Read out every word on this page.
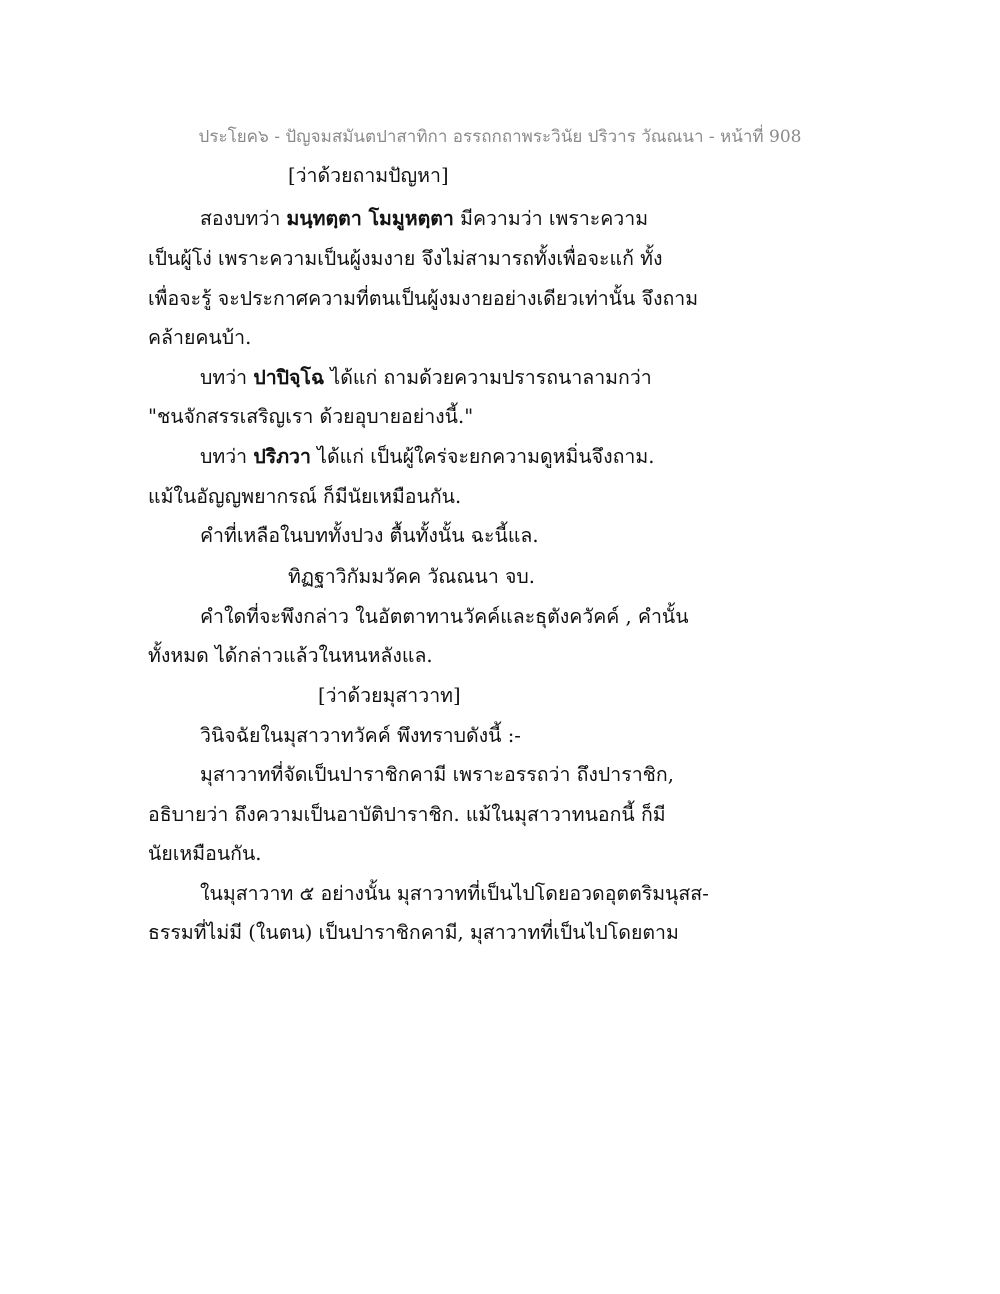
ประโยค๖ - ปัญจมสมันตปาสาทิกา อรรถกถาพระวินัย ปริวาร วัณณนา - หน้าที่ 908
[ว่าด้วยถามปัญหา]
สองบทว่า มนฺทตฺตา โมมูหตฺตา มีความว่า เพราะความ
เป็นผู้โง่ เพราะความเป็นผู้งมงาย จึงไม่สามารถทั้งเพื่อจะแก้ ทั้ง
เพื่อจะรู้ จะประกาศความที่ตนเป็นผู้งมงายอย่างเดียวเท่านั้น จึงถาม
คล้ายคนบ้า.
บทว่า ปาปิจฺโฉ ได้แก่ ถามด้วยความปรารถนาลามกว่า
"ชนจักสรรเสริญเรา ด้วยอุบายอย่างนี้."
บทว่า ปริภวา ได้แก่ เป็นผู้ใคร่จะยกความดูหมิ่นจึงถาม.
แม้ในอัญญพยากรณ์ ก็มีนัยเหมือนกัน.
คำที่เหลือในบททั้งปวง ตื้นทั้งนั้น ฉะนี้แล.
ทิฏฐาวิกัมมวัคค วัณณนา จบ.
คำใดที่จะพึงกล่าว ในอัตตาทานวัคค์และธุตังควัคค์ , คำนั้น
ทั้งหมด ได้กล่าวแล้วในหนหลังแล.
[ว่าด้วยมุสาวาท]
วินิจฉัยในมุสาวาทวัคค์ พึงทราบดังนี้ :-
มุสาวาทที่จัดเป็นปาราชิกคามี เพราะอรรถว่า ถึงปาราชิก,
อธิบายว่า ถึงความเป็นอาบัติปาราชิก. แม้ในมุสาวาทนอกนี้ ก็มี
นัยเหมือนกัน.
ในมุสาวาท ๕ อย่างนั้น มุสาวาทที่เป็นไปโดยอวดอุตตริมนุสส-
ธรรมที่ไม่มี (ในตน) เป็นปาราชิกคามี, มุสาวาทที่เป็นไปโดยตาม
